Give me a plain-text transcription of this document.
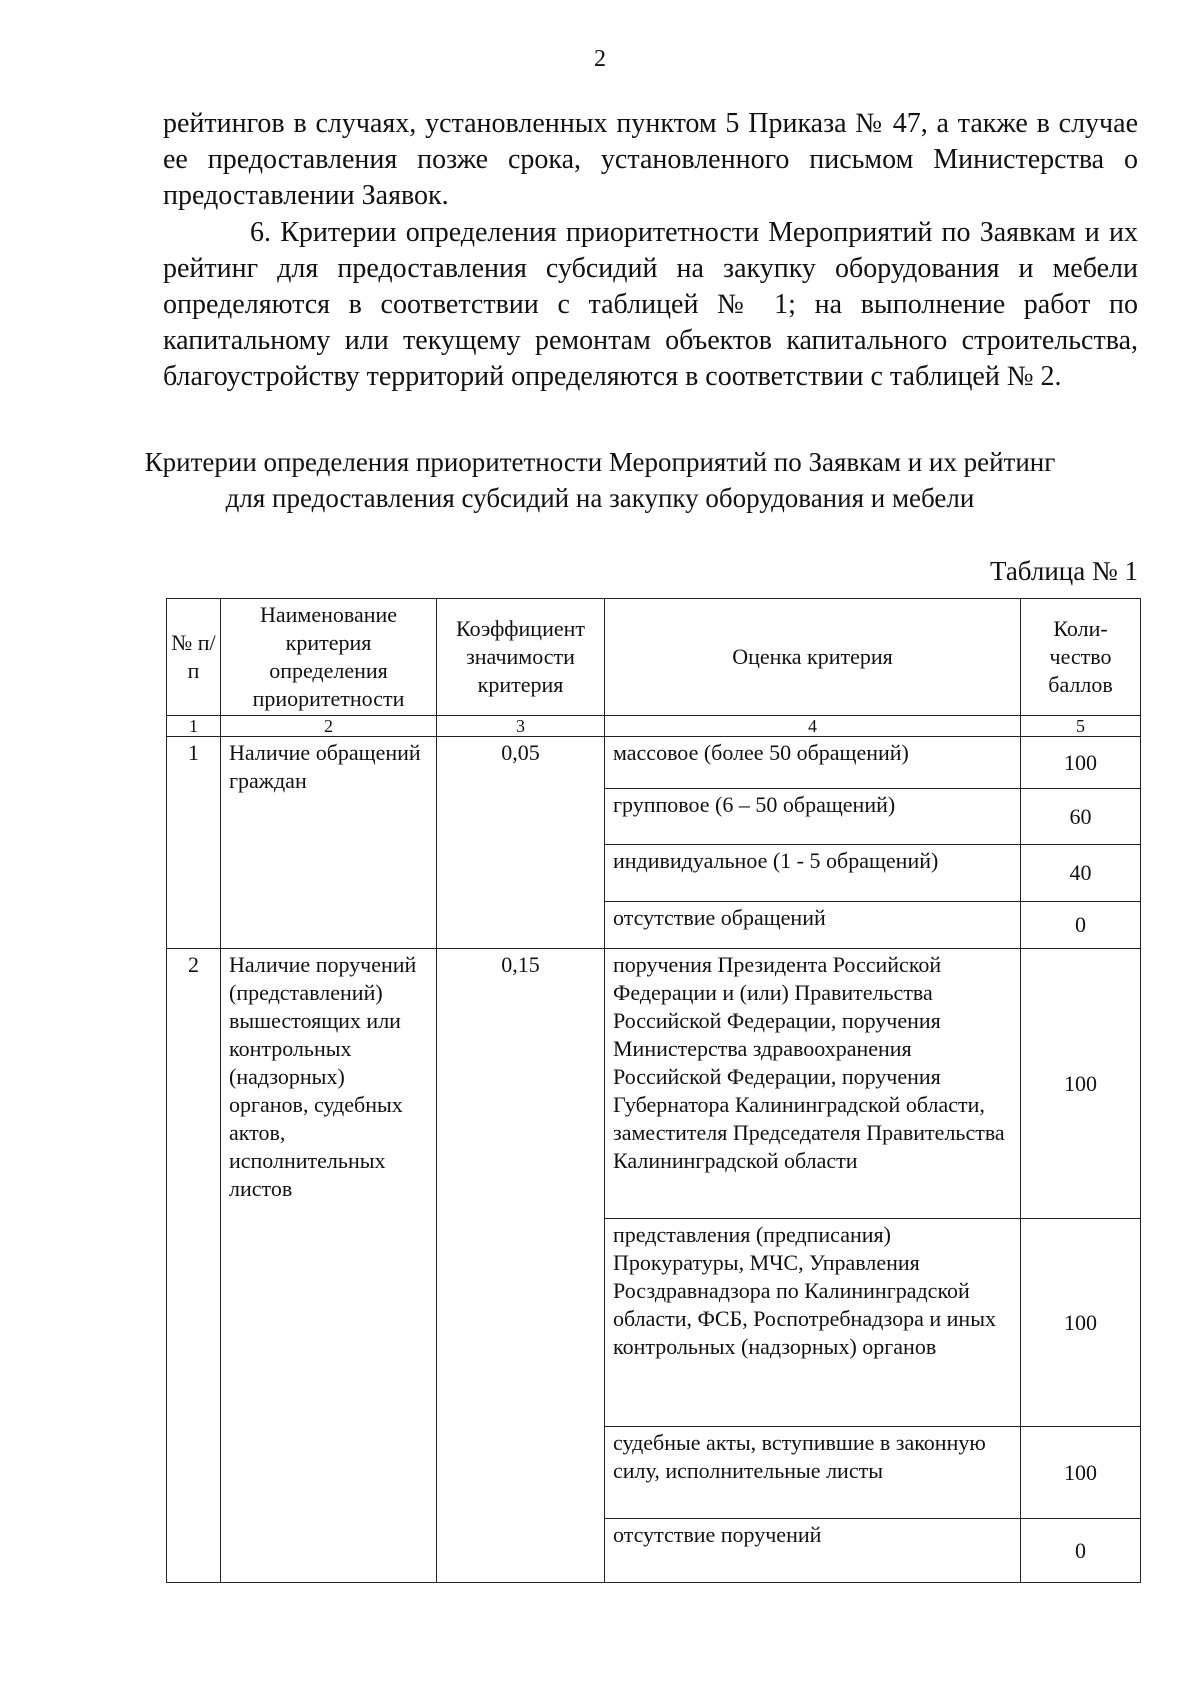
2

рейтингов в случаях, установленных пунктом 5 Приказа № 47, а также в случае ее предоставления позже срока, установленного письмом Министерства о предоставлении Заявок.

6. Критерии определения приоритетности Мероприятий по Заявкам и их рейтинг для предоставления субсидий на закупку оборудования и мебели определяются в соответствии с таблицей № 1; на выполнение работ по капитальному или текущему ремонтам объектов капитального строительства, благоустройству территорий определяются в соответствии с таблицей № 2.

Критерии определения приоритетности Мероприятий по Заявкам и их рейтинг
для предоставления субсидий на закупку оборудования и мебели
Таблица № 1
№ п/п	Наименование критерия определения приоритетности	Коэффициент значимости критерия	Оценка критерия	Коли-чество баллов
1	2	3	4	5
1	Наличие обращений граждан	0,05	массовое (более 50 обращений)	100
			групповое (6 – 50 обращений)	60
			индивидуальное (1 - 5 обращений)	40
			отсутствие обращений	0
2	Наличие поручений (представлений) вышестоящих или контрольных (надзорных) органов, судебных актов, исполнительных листов	0,15	поручения Президента Российской Федерации и (или) Правительства Российской Федерации, поручения Министерства здравоохранения Российской Федерации, поручения Губернатора Калининградской области, заместителя Председателя Правительства Калининградской области	100
			представления (предписания) Прокуратуры, МЧС, Управления Росздравнадзора по Калининградской области, ФСБ, Роспотребнадзора и иных контрольных (надзорных) органов	100
			судебные акты, вступившие в законную силу, исполнительные листы	100
			отсутствие поручений	0
